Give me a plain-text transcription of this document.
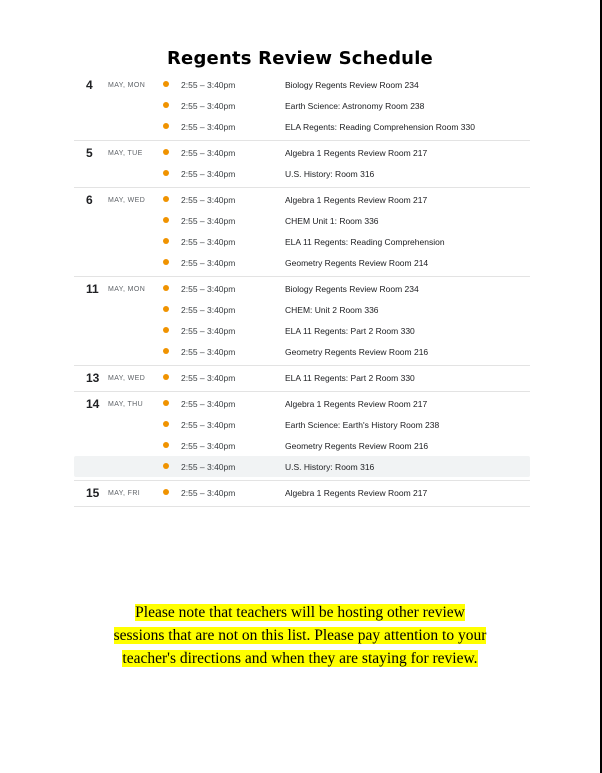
Regents Review Schedule
4	MAY, MON	2:55 – 3:40pm	Biology Regents Review Room 234
2:55 – 3:40pm	Earth Science: Astronomy Room 238
2:55 – 3:40pm	ELA Regents: Reading Comprehension Room 330
5	MAY, TUE	2:55 – 3:40pm	Algebra 1 Regents Review Room 217
2:55 – 3:40pm	U.S. History: Room 316
6	MAY, WED	2:55 – 3:40pm	Algebra 1 Regents Review Room 217
2:55 – 3:40pm	CHEM Unit 1: Room 336
2:55 – 3:40pm	ELA 11 Regents: Reading Comprehension
2:55 – 3:40pm	Geometry Regents Review Room 214
11	MAY, MON	2:55 – 3:40pm	Biology Regents Review Room 234
2:55 – 3:40pm	CHEM: Unit 2 Room 336
2:55 – 3:40pm	ELA 11 Regents: Part 2 Room 330
2:55 – 3:40pm	Geometry Regents Review Room 216
13	MAY, WED	2:55 – 3:40pm	ELA 11 Regents: Part 2 Room 330
14	MAY, THU	2:55 – 3:40pm	Algebra 1 Regents Review Room 217
2:55 – 3:40pm	Earth Science: Earth's History Room 238
2:55 – 3:40pm	Geometry Regents Review Room 216
2:55 – 3:40pm	U.S. History: Room 316
15	MAY, FRI	2:55 – 3:40pm	Algebra 1 Regents Review Room 217
Please note that teachers will be hosting other review
sessions that are not on this list. Please pay attention to your
teacher's directions and when they are staying for review.
